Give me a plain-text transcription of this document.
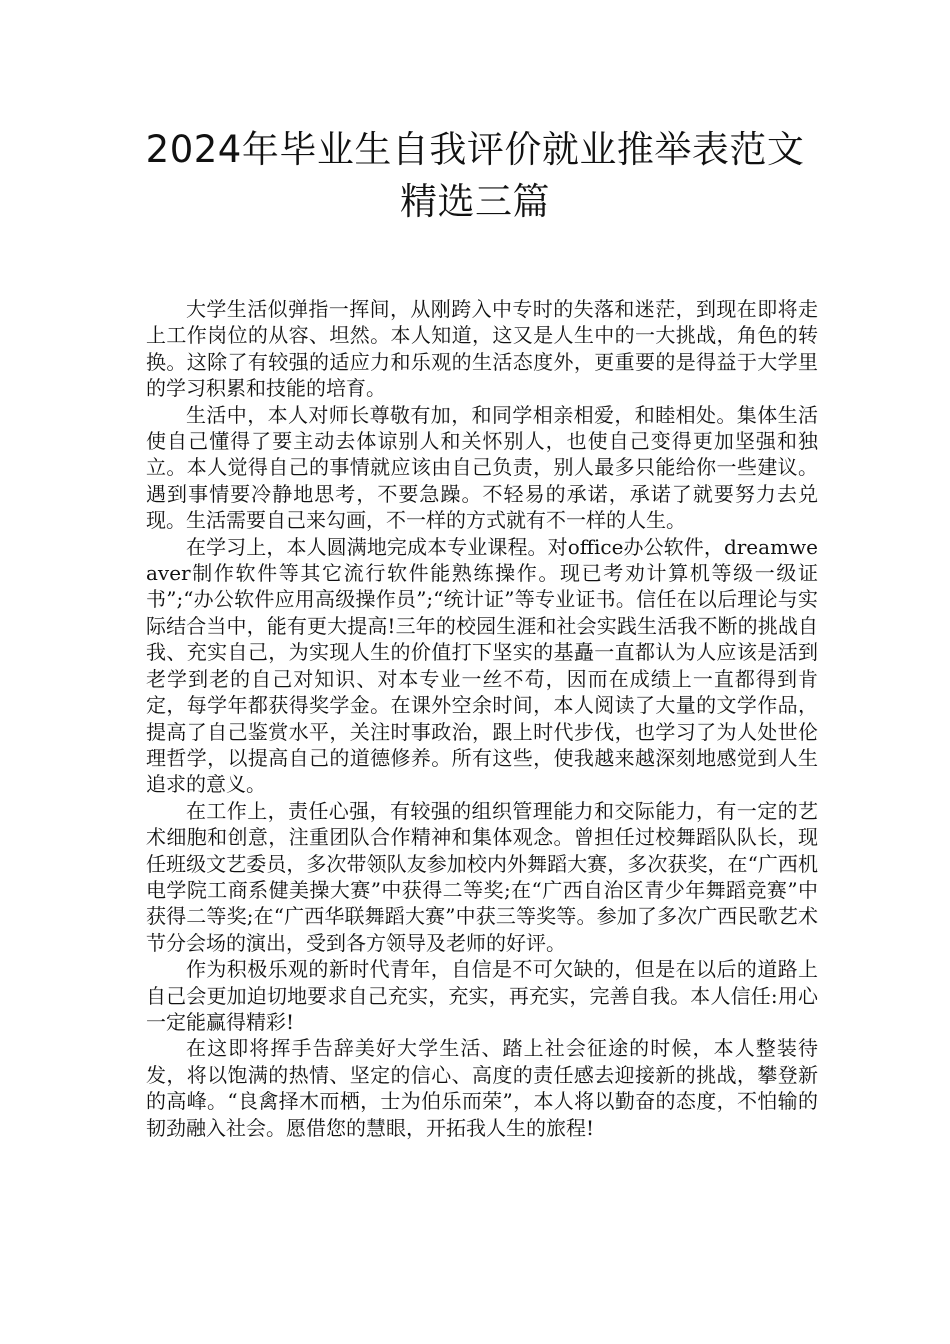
2024年毕业生自我评价就业推举表范文
精选三篇

大学生活似弹指一挥间，从刚跨入中专时的失落和迷茫，到现在即将走上工作岗位的从容、坦然。本人知道，这又是人生中的一大挑战，角色的转换。这除了有较强的适应力和乐观的生活态度外，更重要的是得益于大学里的学习积累和技能的培育。

生活中，本人对师长尊敬有加，和同学相亲相爱，和睦相处。集体生活使自己懂得了要主动去体谅别人和关怀别人，也使自己变得更加坚强和独立。本人觉得自己的事情就应该由自己负责，别人最多只能给你一些建议。遇到事情要冷静地思考，不要急躁。不轻易的承诺，承诺了就要努力去兑现。生活需要自己来勾画，不一样的方式就有不一样的人生。

在学习上，本人圆满地完成本专业课程。对office办公软件，dreamweaver制作软件等其它流行软件能熟练操作。现已考劝计算机等级一级证书”;“办公软件应用高级操作员”;“统计证”等专业证书。信任在以后理论与实际结合当中，能有更大提高!三年的校园生涯和社会实践生活我不断的挑战自我、充实自己，为实现人生的价值打下坚实的基矗一直都认为人应该是活到老学到老的自己对知识、对本专业一丝不苟，因而在成绩上一直都得到肯定，每学年都获得奖学金。在课外空余时间，本人阅读了大量的文学作品，提高了自己鉴赏水平，关注时事政治，跟上时代步伐，也学习了为人处世伦理哲学，以提高自己的道德修养。所有这些，使我越来越深刻地感觉到人生追求的意义。

在工作上，责任心强，有较强的组织管理能力和交际能力，有一定的艺术细胞和创意，注重团队合作精神和集体观念。曾担任过校舞蹈队队长，现任班级文艺委员，多次带领队友参加校内外舞蹈大赛，多次获奖，在“广西机电学院工商系健美操大赛”中获得二等奖;在“广西自治区青少年舞蹈竞赛”中获得二等奖;在“广西华联舞蹈大赛”中获三等奖等。参加了多次广西民歌艺术节分会场的演出，受到各方领导及老师的好评。

作为积极乐观的新时代青年，自信是不可欠缺的，但是在以后的道路上自己会更加迫切地要求自己充实，充实，再充实，完善自我。本人信任:用心一定能赢得精彩!

在这即将挥手告辞美好大学生活、踏上社会征途的时候，本人整装待发，将以饱满的热情、坚定的信心、高度的责任感去迎接新的挑战，攀登新的高峰。“良禽择木而栖，士为伯乐而荣”，本人将以勤奋的态度，不怕输的韧劲融入社会。愿借您的慧眼，开拓我人生的旅程!
